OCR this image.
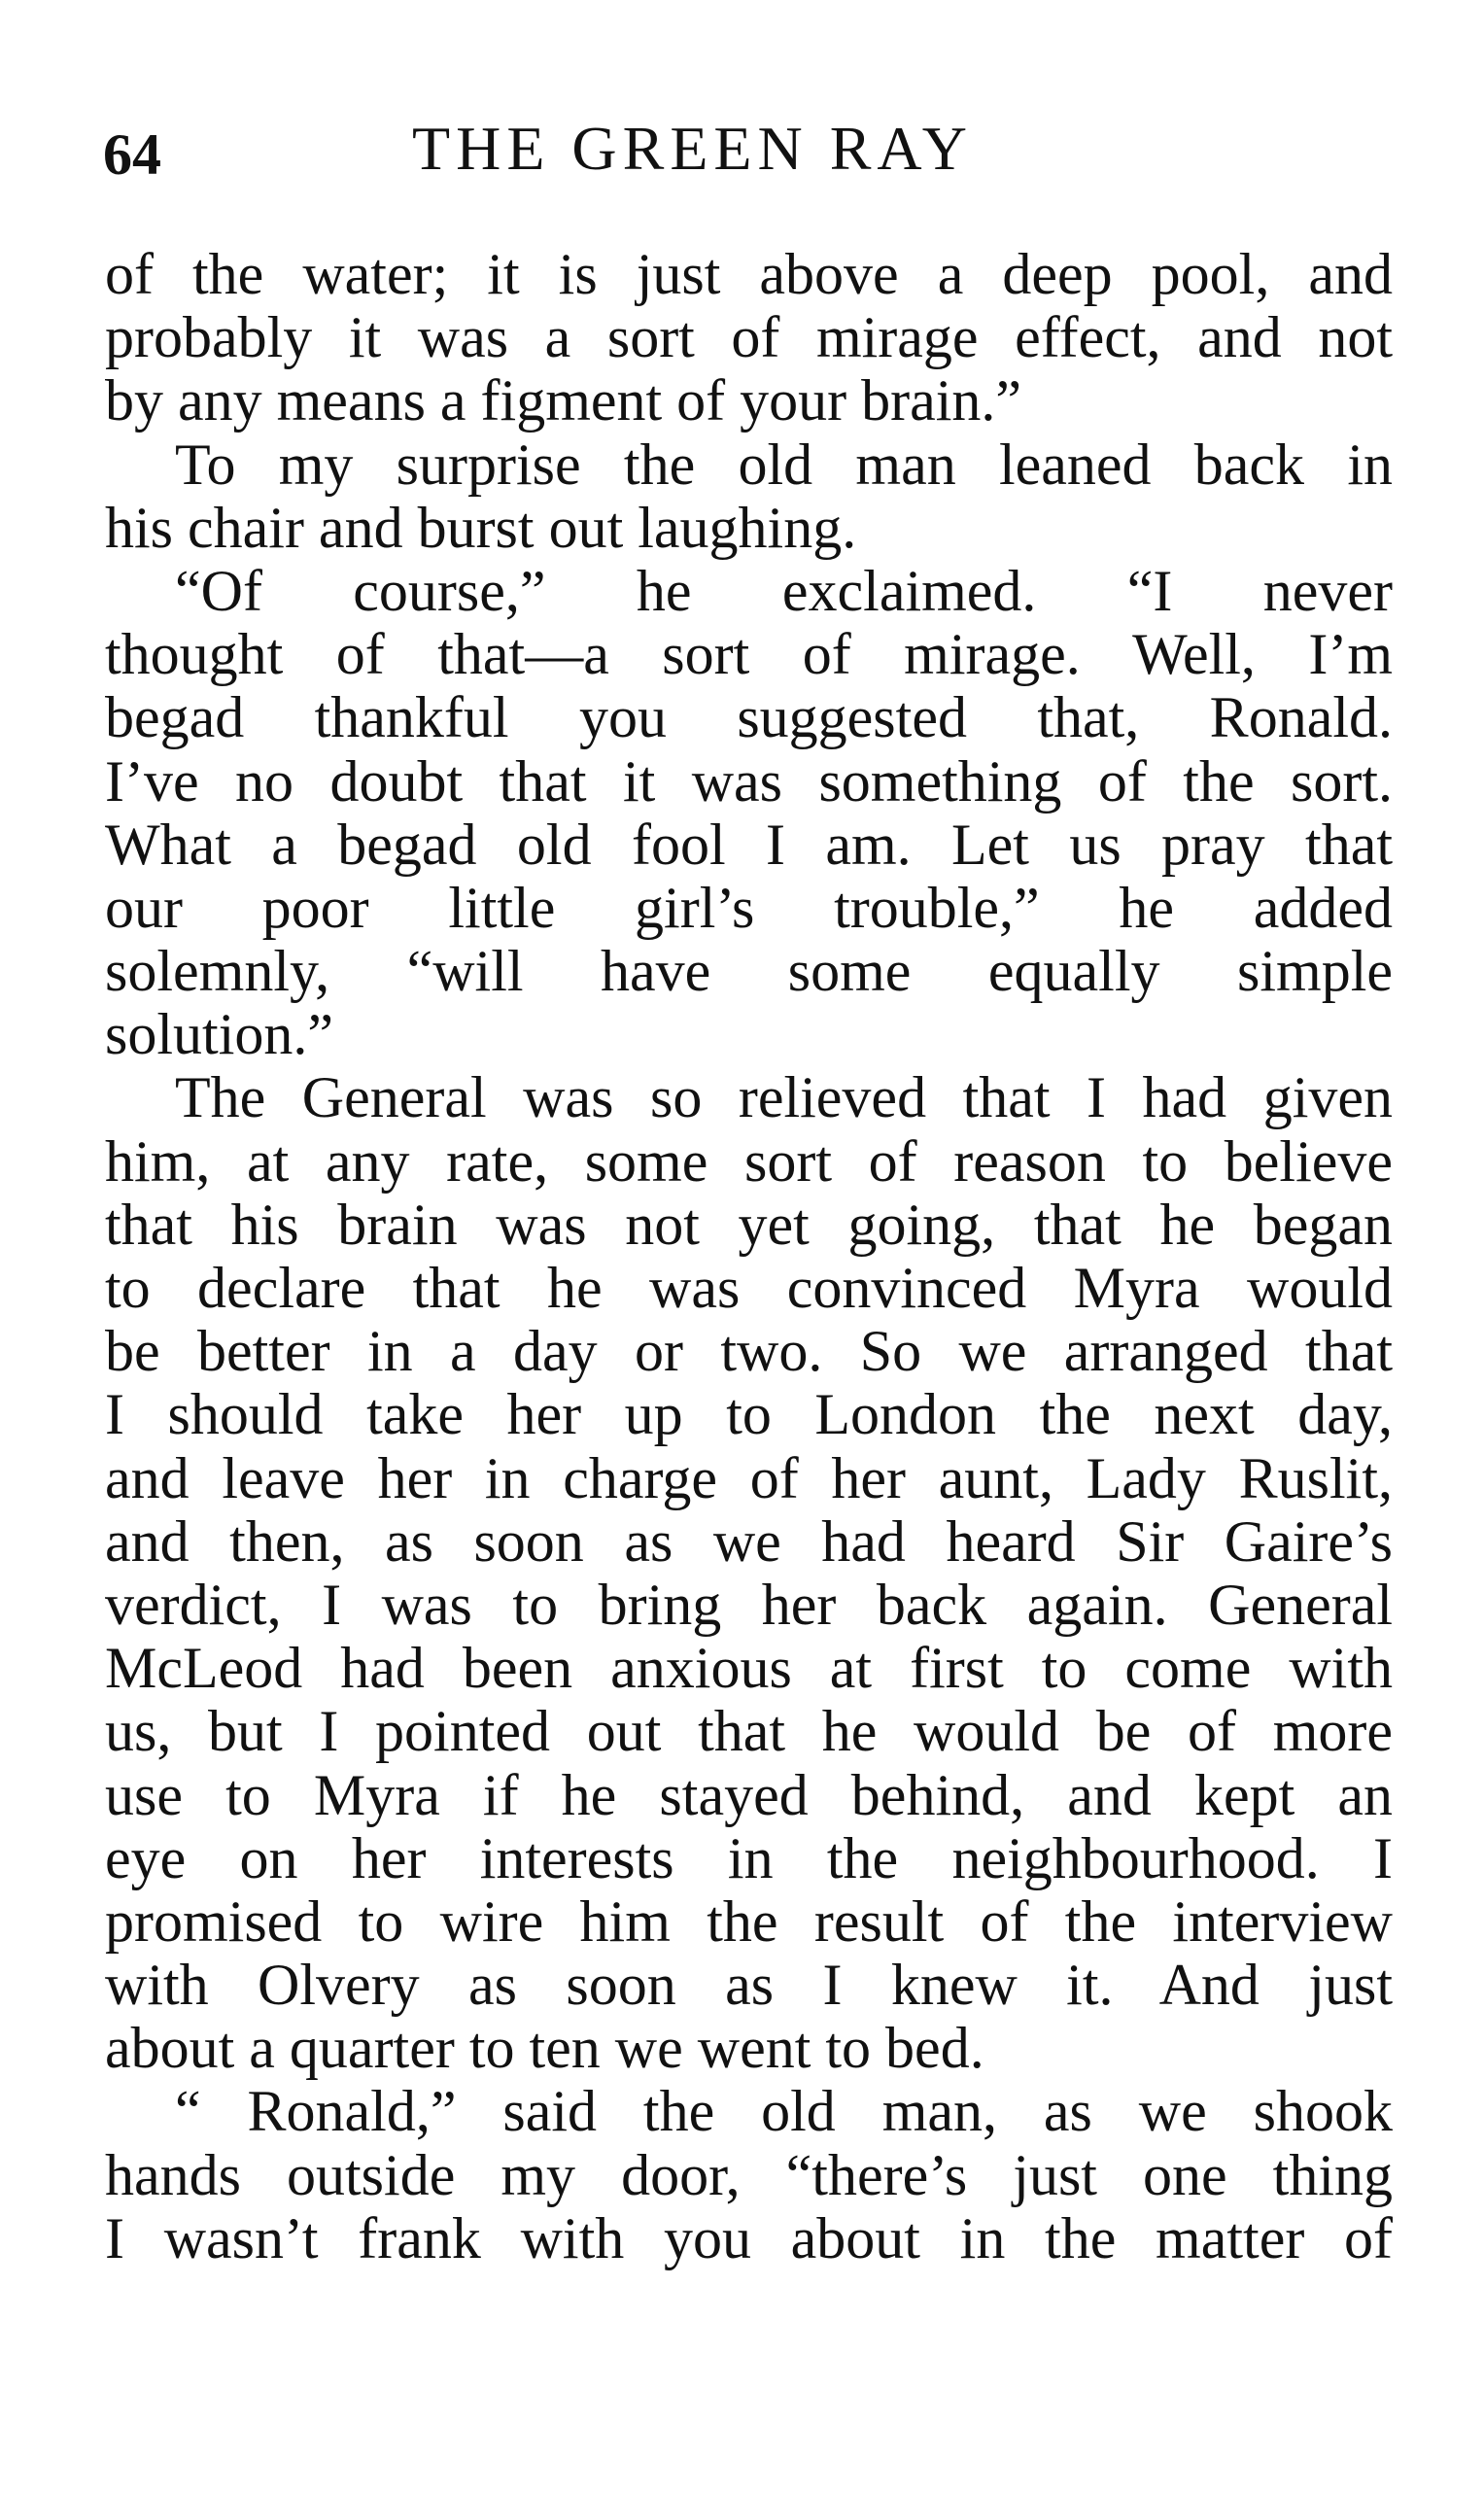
64	THE GREEN RAY
of the water; it is just above a deep pool, and
probably it was a sort of mirage effect, and not
by any means a figment of your brain.”
To my surprise the old man leaned back in
his chair and burst out laughing.
“Of course,” he exclaimed. “I never
thought of that—a sort of mirage. Well, I’m
begad thankful you suggested that, Ronald.
I’ve no doubt that it was something of the sort.
What a begad old fool I am. Let us pray that
our poor little girl’s trouble,” he added
solemnly, “will have some equally simple
solution.”
The General was so relieved that I had given
him, at any rate, some sort of reason to believe
that his brain was not yet going, that he began
to declare that he was convinced Myra would
be better in a day or two. So we arranged that
I should take her up to London the next day,
and leave her in charge of her aunt, Lady Ruslit,
and then, as soon as we had heard Sir Gaire’s
verdict, I was to bring her back again. General
McLeod had been anxious at first to come with
us, but I pointed out that he would be of more
use to Myra if he stayed behind, and kept an
eye on her interests in the neighbourhood. I
promised to wire him the result of the interview
with Olvery as soon as I knew it. And just
about a quarter to ten we went to bed.
“ Ronald,” said the old man, as we shook
hands outside my door, “there’s just one thing
I wasn’t frank with you about in the matter of
